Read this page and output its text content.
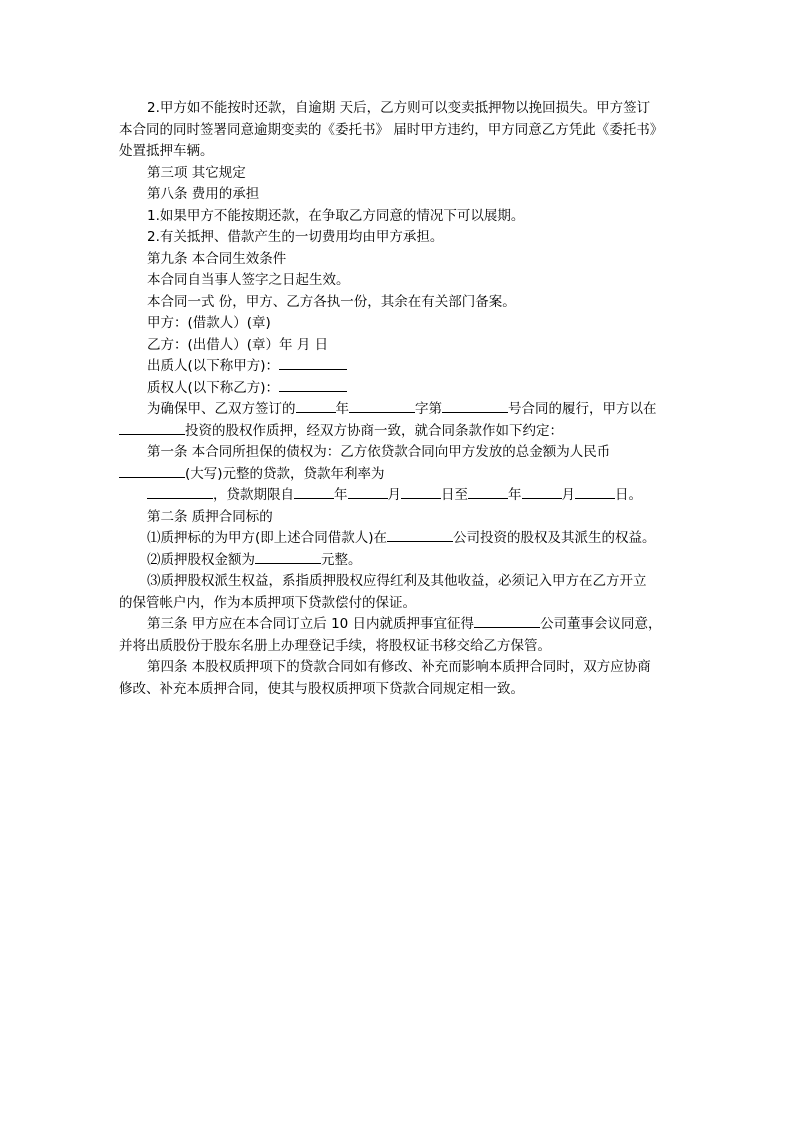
2.甲方如不能按时还款，自逾期 天后，乙方则可以变卖抵押物以挽回损失。甲方签订

本合同的同时签署同意逾期变卖的《委托书》 届时甲方违约，甲方同意乙方凭此《委托书》

处置抵押车辆。

第三项 其它规定

第八条 费用的承担

1.如果甲方不能按期还款，在争取乙方同意的情况下可以展期。

2.有关抵押、借款产生的一切费用均由甲方承担。

第九条 本合同生效条件

本合同自当事人签字之日起生效。

本合同一式 份，甲方、乙方各执一份，其余在有关部门备案。

甲方：(借款人）(章)

乙方：(出借人）(章）年 月 日

出质人(以下称甲方)：

质权人(以下称乙方)：

为确保甲、乙双方签订的	年	字第	号合同的履行，甲方以在

投资的股权作质押，经双方协商一致，就合同条款作如下约定：

第一条 本合同所担保的债权为：乙方依贷款合同向甲方发放的总金额为人民币

(大写)元整的贷款，贷款年利率为

，贷款期限自	年	月	日至	年	月	日。

第二条 质押合同标的

⑴质押标的为甲方(即上述合同借款人)在	公司投资的股权及其派生的权益。

⑵质押股权金额为	元整。

⑶质押股权派生权益，系指质押股权应得红利及其他收益，必须记入甲方在乙方开立

的保管帐户内，作为本质押项下贷款偿付的保证。

第三条 甲方应在本合同订立后 10 日内就质押事宜征得	公司董事会议同意，

并将出质股份于股东名册上办理登记手续，将股权证书移交给乙方保管。

第四条 本股权质押项下的贷款合同如有修改、补充而影响本质押合同时，双方应协商

修改、补充本质押合同，使其与股权质押项下贷款合同规定相一致。
